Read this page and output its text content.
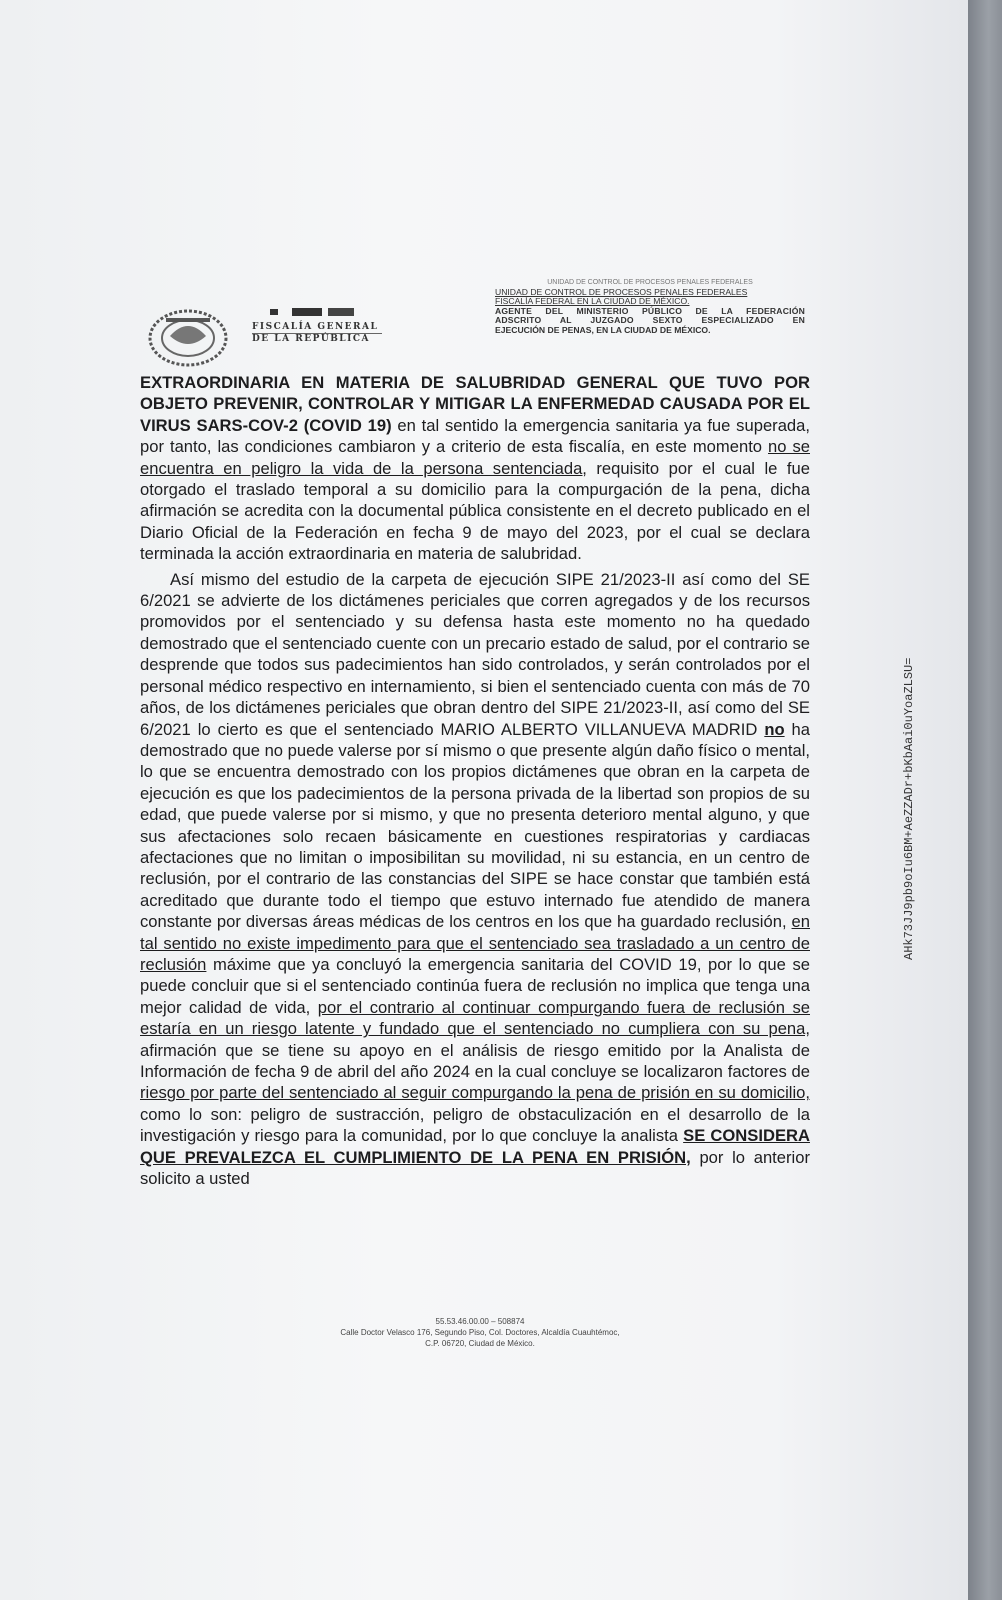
FISCALÍA GENERAL
DE LA REPÚBLICA
UNIDAD DE CONTROL DE PROCESOS PENALES FEDERALES
UNIDAD DE CONTROL DE PROCESOS PENALES FEDERALES
FISCALÍA FEDERAL EN LA CIUDAD DE MÉXICO.
AGENTE DEL MINISTERIO PÚBLICO DE LA FEDERACIÓN
ADSCRITO AL JUZGADO SEXTO ESPECIALIZADO EN
EJECUCIÓN DE PENAS, EN LA CIUDAD DE MÉXICO.

EXTRAORDINARIA EN MATERIA DE SALUBRIDAD GENERAL QUE TUVO POR OBJETO PREVENIR, CONTROLAR Y MITIGAR LA ENFERMEDAD CAUSADA POR EL VIRUS SARS-COV-2 (COVID 19) en tal sentido la emergencia sanitaria ya fue superada, por tanto, las condiciones cambiaron y a criterio de esta fiscalía, en este momento no se encuentra en peligro la vida de la persona sentenciada, requisito por el cual le fue otorgado el traslado temporal a su domicilio para la compurgación de la pena, dicha afirmación se acredita con la documental pública consistente en el decreto publicado en el Diario Oficial de la Federación en fecha 9 de mayo del 2023, por el cual se declara terminada la acción extraordinaria en materia de salubridad.

Así mismo del estudio de la carpeta de ejecución SIPE 21/2023-II así como del SE 6/2021 se advierte de los dictámenes periciales que corren agregados y de los recursos promovidos por el sentenciado y su defensa hasta este momento no ha quedado demostrado que el sentenciado cuente con un precario estado de salud, por el contrario se desprende que todos sus padecimientos han sido controlados, y serán controlados por el personal médico respectivo en internamiento, si bien el sentenciado cuenta con más de 70 años, de los dictámenes periciales que obran dentro del SIPE 21/2023-II, así como del SE 6/2021 lo cierto es que el sentenciado MARIO ALBERTO VILLANUEVA MADRID no ha demostrado que no puede valerse por sí mismo o que presente algún daño físico o mental, lo que se encuentra demostrado con los propios dictámenes que obran en la carpeta de ejecución es que los padecimientos de la persona privada de la libertad son propios de su edad, que puede valerse por si mismo, y que no presenta deterioro mental alguno, y que sus afectaciones solo recaen básicamente en cuestiones respiratorias y cardiacas afectaciones que no limitan o imposibilitan su movilidad, ni su estancia, en un centro de reclusión, por el contrario de las constancias del SIPE se hace constar que también está acreditado que durante todo el tiempo que estuvo internado fue atendido de manera constante por diversas áreas médicas de los centros en los que ha guardado reclusión, en tal sentido no existe impedimento para que el sentenciado sea trasladado a un centro de reclusión máxime que ya concluyó la emergencia sanitaria del COVID 19, por lo que se puede concluir que si el sentenciado continúa fuera de reclusión no implica que tenga una mejor calidad de vida, por el contrario al continuar compurgando fuera de reclusión se estaría en un riesgo latente y fundado que el sentenciado no cumpliera con su pena, afirmación que se tiene su apoyo en el análisis de riesgo emitido por la Analista de Información de fecha 9 de abril del año 2024 en la cual concluye se localizaron factores de riesgo por parte del sentenciado al seguir compurgando la pena de prisión en su domicilio, como lo son: peligro de sustracción, peligro de obstaculización en el desarrollo de la investigación y riesgo para la comunidad, por lo que concluye la analista SE CONSIDERA QUE PREVALEZCA EL CUMPLIMIENTO DE LA PENA EN PRISIÓN, por lo anterior solicito a usted

55.53.46.00.00 – 508874
Calle Doctor Velasco 176, Segundo Piso, Col. Doctores, Alcaldía Cuauhtémoc,
C.P. 06720, Ciudad de México.
AHk73JJ9pb9oIu6BM+AeZZADr+bKbAai0uYoaZLSU=
